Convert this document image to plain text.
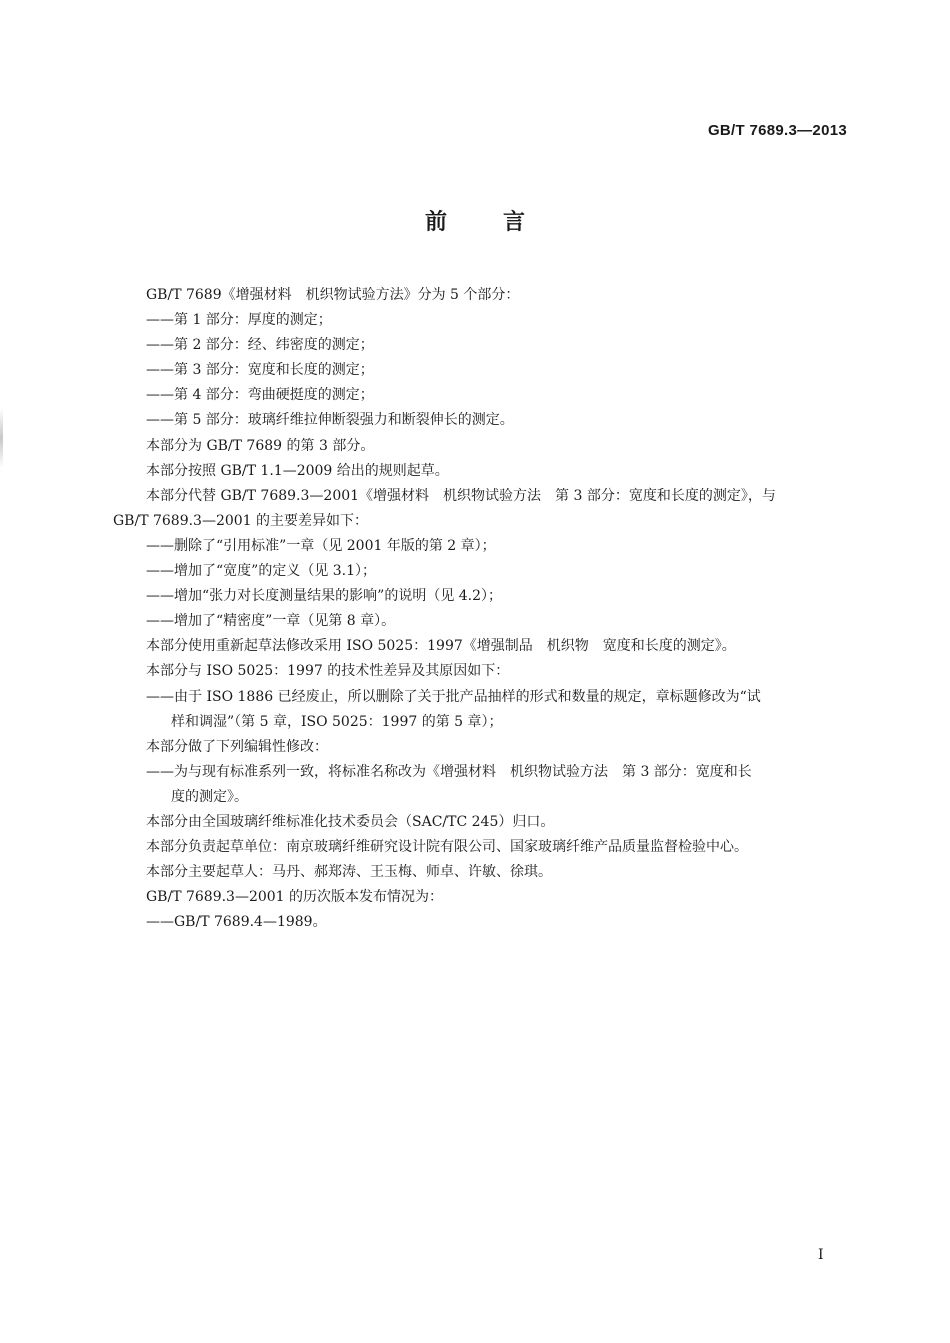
GB/T 7689.3—2013
前言
GB/T 7689《增强材料　机织物试验方法》分为 5 个部分：
——第 1 部分：厚度的测定；
——第 2 部分：经、纬密度的测定；
——第 3 部分：宽度和长度的测定；
——第 4 部分：弯曲硬挺度的测定；
——第 5 部分：玻璃纤维拉伸断裂强力和断裂伸长的测定。
本部分为 GB/T 7689 的第 3 部分。
本部分按照 GB/T 1.1—2009 给出的规则起草。
本部分代替 GB/T 7689.3—2001《增强材料　机织物试验方法　第 3 部分：宽度和长度的测定》，与
GB/T 7689.3—2001 的主要差异如下：
——删除了“引用标准”一章（见 2001 年版的第 2 章）；
——增加了“宽度”的定义（见 3.1）；
——增加“张力对长度测量结果的影响”的说明（见 4.2）；
——增加了“精密度”一章（见第 8 章）。
本部分使用重新起草法修改采用 ISO 5025：1997《增强制品　机织物　宽度和长度的测定》。
本部分与 ISO 5025：1997 的技术性差异及其原因如下：
——由于 ISO 1886 已经废止，所以删除了关于批产品抽样的形式和数量的规定，章标题修改为“试
样和调湿”（第 5 章，ISO 5025：1997 的第 5 章）；
本部分做了下列编辑性修改：
——为与现有标准系列一致，将标准名称改为《增强材料　机织物试验方法　第 3 部分：宽度和长
度的测定》。
本部分由全国玻璃纤维标准化技术委员会（SAC/TC 245）归口。
本部分负责起草单位：南京玻璃纤维研究设计院有限公司、国家玻璃纤维产品质量监督检验中心。
本部分主要起草人：马丹、郝郑涛、王玉梅、师卓、许敏、徐琪。
GB/T 7689.3—2001 的历次版本发布情况为：
——GB/T 7689.4—1989。
I
